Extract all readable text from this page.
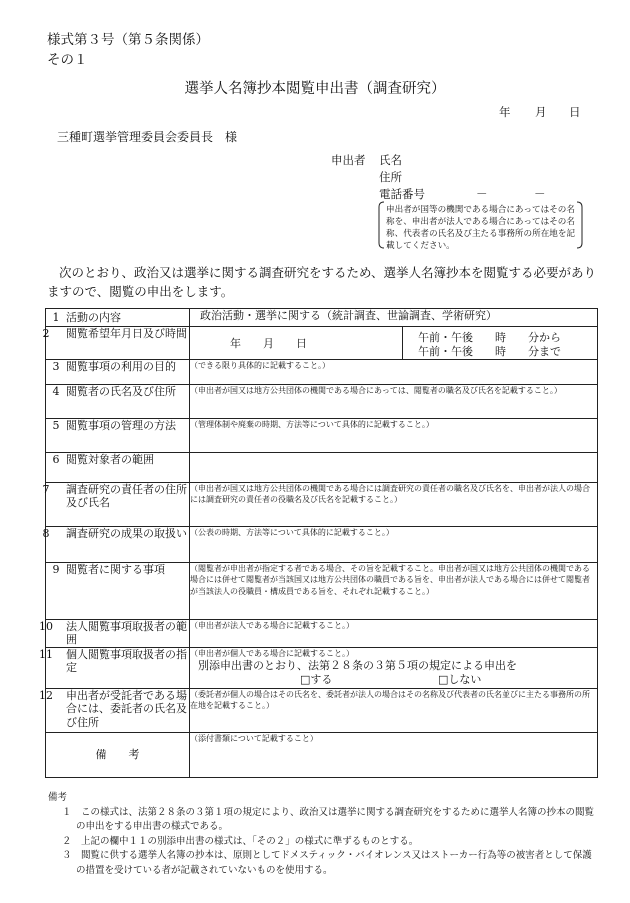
様式第３号（第５条関係）
その１
選挙人名簿抄本閲覧申出書（調査研究）
年 月 日
三種町選挙管理委員会委員長　様
申出者 氏名
住所
電話番号	－	－
申出者が国等の機関である場合にあってはその名称を、申出者が法人である場合にあってはその名称、代表者の氏名及び主たる事務所の所在地を記載してください。
次のとおり、政治又は選挙に関する調査研究をするため、選挙人名簿抄本を閲覧する必要がありますので、閲覧の申出をします。
1 活動の内容	政治活動・選挙に関する（統計調査、世論調査、学術研究）

2 閲覧希望年月日及び時間	年　　月　　日 午前・午後　　時　　分から
午前・午後　　時　　分まで

3 閲覧事項の利用の目的	（できる限り具体的に記載すること。）
4 閲覧者の氏名及び住所	（申出者が国又は地方公共団体の機関である場合にあっては、閲覧者の職名及び氏名を記載すること。）
5 閲覧事項の管理の方法	（管理体制や廃棄の時期、方法等について具体的に記載すること。）
6 閲覧対象者の範囲	

7 調査研究の責任者の住所及び氏名	（申出者が国又は地方公共団体の機関である場合には調査研究の責任者の職名及び氏名を、申出者が法人の場合には調査研究の責任者の役職名及び氏名を記載すること。）

8 調査研究の成果の取扱い	（公表の時期、方法等について具体的に記載すること。）
9 閲覧者に関する事項	（閲覧者が申出者が指定する者である場合、その旨を記載すること。申出者が国又は地方公共団体の機関である場合には併せて閲覧者が当該国又は地方公共団体の職員である旨を、申出者が法人である場合には併せて閲覧者が当該法人の役職員・構成員である旨を、それぞれ記載すること。）

10 法人閲覧事項取扱者の範囲	（申出者が法人である場合に記載すること。）

11 個人閲覧事項取扱者の指定	（申出者が個人である場合に記載すること。）
別添申出書のとおり、法第２８条の３第５項の規定による申出を
□する □しない

12 申出者が受託者である場合には、委託者の氏名及び住所	（委託者が個人の場合はその氏名を、委託者が法人の場合はその名称及び代表者の氏名並びに主たる事務所の所在地を記載すること。）
備　　考	（添付書類について記載すること）
備考
１　 この様式は、法第２８条の３第１項の規定により、政治又は選挙に関する調査研究をするために選挙人名簿の抄本の閲覧の申出をする申出書の様式である。
２　 上記の欄中１１の別添申出書の様式は、「その２」の様式に準ずるものとする。
３　 閲覧に供する選挙人名簿の抄本は、原則としてドメスティック・バイオレンス又はストーカー行為等の被害者として保護の措置を受けている者が記載されていないものを使用する。
